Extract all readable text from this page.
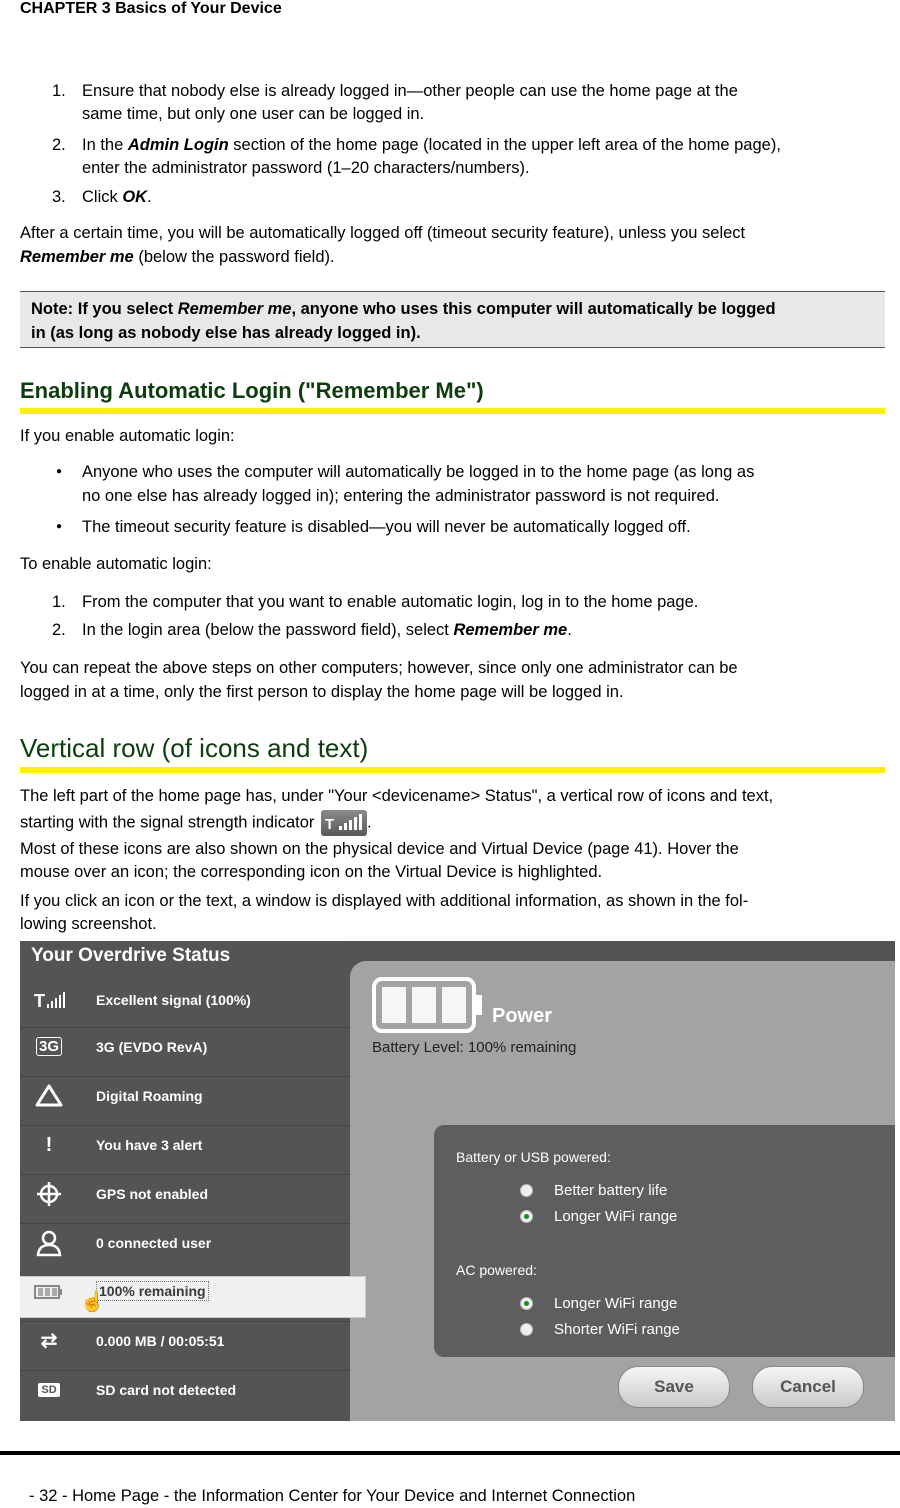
CHAPTER 3 Basics of Your Device
1. Ensure that nobody else is already logged in—other people can use the home page at the
same time, but only one user can be logged in.
2. In the Admin Login section of the home page (located in the upper left area of the home page),
enter the administrator password (1–20 characters/numbers).
3. Click OK.
After a certain time, you will be automatically logged off (timeout security feature), unless you select
Remember me (below the password field).
Note: If you select Remember me, anyone who uses this computer will automatically be logged
in (as long as nobody else has already logged in).
Enabling Automatic Login ("Remember Me")
If you enable automatic login:
● Anyone who uses the computer will automatically be logged in to the home page (as long as
no one else has already logged in); entering the administrator password is not required.
● The timeout security feature is disabled—you will never be automatically logged off.
To enable automatic login:
1. From the computer that you want to enable automatic login, log in to the home page.
2. In the login area (below the password field), select Remember me.
You can repeat the above steps on other computers; however, since only one administrator can be
logged in at a time, only the first person to display the home page will be logged in.
Vertical row (of icons and text)
The left part of the home page has, under "Your <devicename> Status", a vertical row of icons and text,
starting with the signal strength indicator T .
Most of these icons are also shown on the physical device and Virtual Device (page 41). Hover the
mouse over an icon; the corresponding icon on the Virtual Device is highlighted.
If you click an icon or the text, a window is displayed with additional information, as shown in the fol-
lowing screenshot.
Your Overdrive Status
T	Excellent signal (100%)
3G	3G (EVDO RevA)
Digital Roaming
!	You have 3 alert
GPS not enabled
0 connected user
100% remaining
☝
⇄	0.000 MB / 00:05:51
SD	SD card not detected
Power
Battery Level: 100% remaining
Battery or USB powered:
Better battery life
Longer WiFi range
AC powered:
Longer WiFi range
Shorter WiFi range
Save	Cancel
- 32 - Home Page - the Information Center for Your Device and Internet Connection
